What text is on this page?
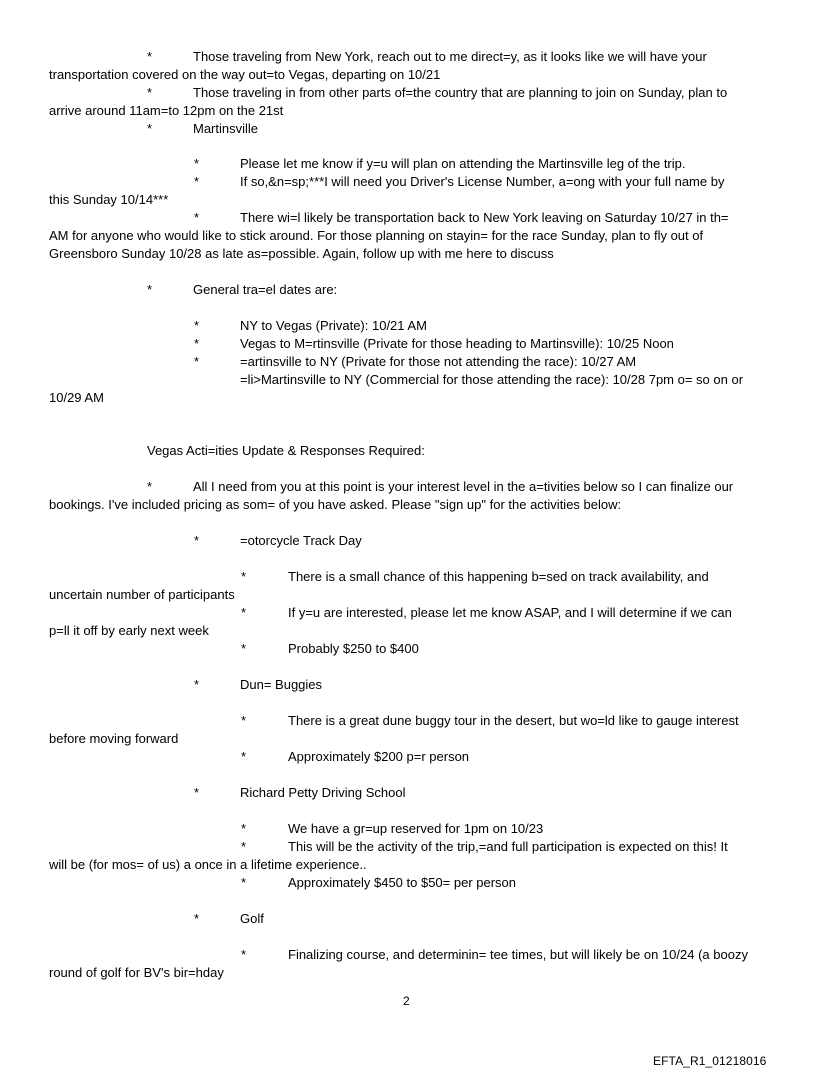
*	Those traveling from New York, reach out to me direct=y, as it looks like we will have your
transportation covered on the way out=to Vegas, departing on 10/21
*	Those traveling in from other parts of=the country that are planning to join on Sunday, plan to
arrive around 11am=to 12pm on the 21st
*	Martinsville
*	Please let me know if y=u will plan on attending the Martinsville leg of the trip.
*	If so,&n=sp;***I will need you Driver's License Number, a=ong with your full name by
this Sunday 10/14***
*	There wi=l likely be transportation back to New York leaving on Saturday 10/27 in th=
AM for anyone who would like to stick around. For those planning on stayin= for the race Sunday, plan to fly out of
Greensboro Sunday 10/28 as late as=possible. Again, follow up with me here to discuss
*	General tra=el dates are:
*	NY to Vegas (Private): 10/21 AM
*	Vegas to M=rtinsville (Private for those heading to Martinsville): 10/25 Noon
*	=artinsville to NY (Private for those not attending the race): 10/27 AM
=li>Martinsville to NY (Commercial for those attending the race): 10/28 7pm o= so on or
10/29 AM
Vegas Acti=ities Update & Responses Required:
*	All I need from you at this point is your interest level in the a=tivities below so I can finalize our
bookings. I've included pricing as som= of you have asked. Please "sign up" for the activities below:
*	=otorcycle Track Day
*	There is a small chance of this happening b=sed on track availability, and
uncertain number of participants
*	If y=u are interested, please let me know ASAP, and I will determine if we can
p=ll it off by early next week
*	Probably $250 to $400
*	Dun= Buggies
*	There is a great dune buggy tour in the desert, but wo=ld like to gauge interest
before moving forward
*	Approximately $200 p=r person
*	Richard Petty Driving School
*	We have a gr=up reserved for 1pm on 10/23
*	This will be the activity of the trip,=and full participation is expected on this! It
will be (for mos= of us) a once in a lifetime experience..
*	Approximately $450 to $50= per person
*	Golf
*	Finalizing course, and determinin= tee times, but will likely be on 10/24 (a boozy
round of golf for BV's bir=hday
2
EFTA_R1_01218016
